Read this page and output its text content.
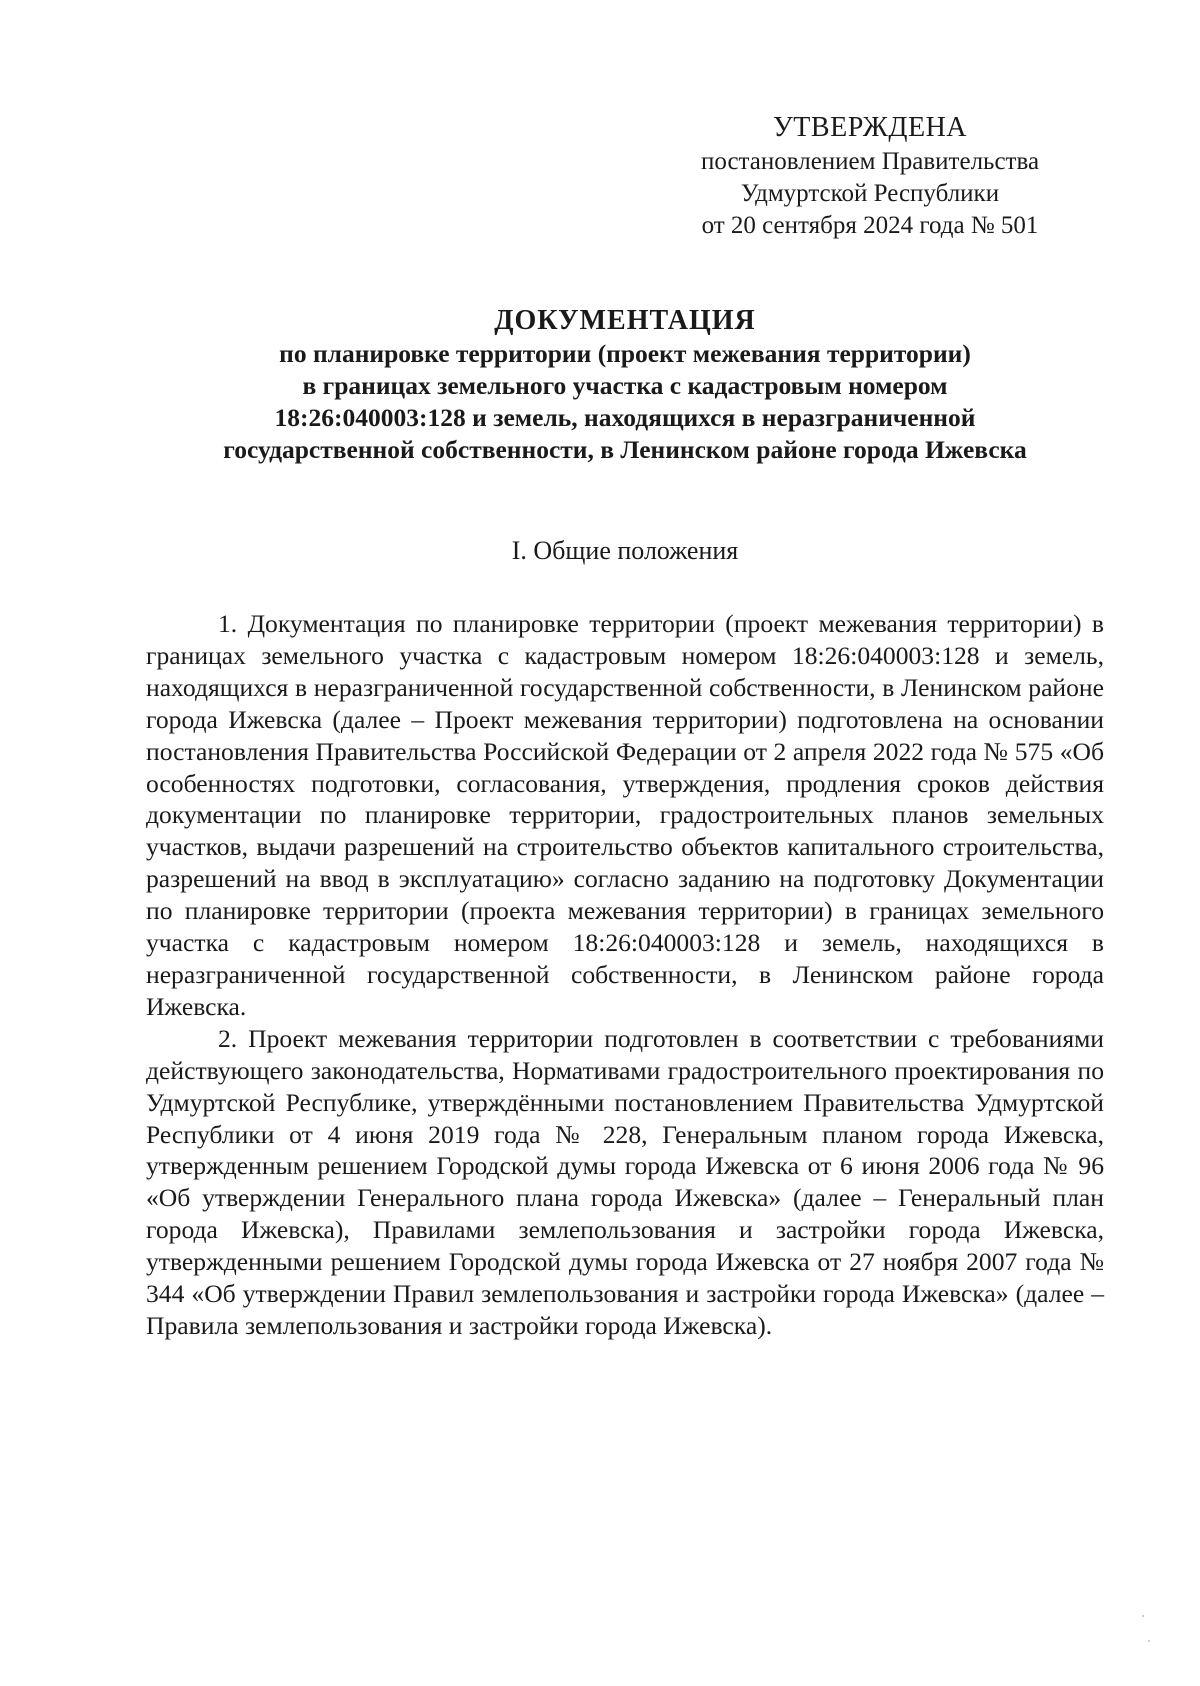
УТВЕРЖДЕНА
постановлением Правительства
Удмуртской Республики
от 20 сентября 2024 года № 501
ДОКУМЕНТАЦИЯ
по планировке территории (проект межевания территории)
в границах земельного участка с кадастровым номером
18:26:040003:128 и земель, находящихся в неразграниченной
государственной собственности, в Ленинском районе города Ижевска
I. Общие положения

1. Документация по планировке территории (проект межевания территории) в границах земельного участка с кадастровым номером 18:26:040003:128 и земель, находящихся в неразграниченной государственной собственности, в Ленинском районе города Ижевска (далее – Проект межевания территории) подготовлена на основании постановления Правительства Российской Федерации от 2 апреля 2022 года № 575 «Об особенностях подготовки, согласования, утверждения, продления сроков действия документации по планировке территории, градостроительных планов земельных участков, выдачи разрешений на строительство объектов капитального строительства, разрешений на ввод в эксплуатацию» согласно заданию на подготовку Документации по планировке территории (проекта межевания территории) в границах земельного участка с кадастровым номером 18:26:040003:128 и земель, находящихся в неразграниченной государственной собственности, в Ленинском районе города Ижевска.

2. Проект межевания территории подготовлен в соответствии с требованиями действующего законодательства, Нормативами градостроительного проектирования по Удмуртской Республике, утверждёнными постановлением Правительства Удмуртской Республики от 4 июня 2019 года № 228, Генеральным планом города Ижевска, утвержденным решением Городской думы города Ижевска от 6 июня 2006 года № 96 «Об утверждении Генерального плана города Ижевска» (далее – Генеральный план города Ижевска), Правилами землепользования и застройки города Ижевска, утвержденными решением Городской думы города Ижевска от 27 ноября 2007 года № 344 «Об утверждении Правил землепользования и застройки города Ижевска» (далее – Правила землепользования и застройки города Ижевска).
